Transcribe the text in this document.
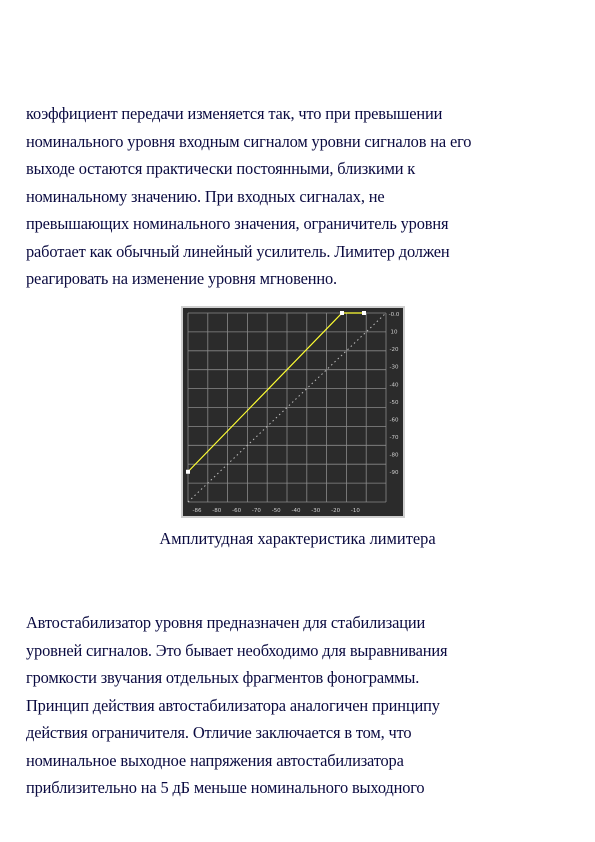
коэффициент передачи изменяется так, что при превышении
номинального уровня входным сигналом уровни сигналов на его
выходе остаются практически постоянными, близкими к
номинальному значению. При входных сигналах, не
превышающих номинального значения, ограничитель уровня
работает как обычный линейный усилитель. Лимитер должен
реагировать на изменение уровня мгновенно.
-86 -80 -60 -70 -50 -40 -30 -20 -10
-0.0
10
-20
-30
-40
-50
-60
-70
-80
-90

Амплитудная характеристика лимитера

Автостабилизатор уровня предназначен для стабилизации
уровней сигналов. Это бывает необходимо для выравнивания
громкости звучания отдельных фрагментов фонограммы.
Принцип действия автостабилизатора аналогичен принципу
действия ограничителя. Отличие заключается в том, что
номинальное выходное напряжения автостабилизатора
приблизительно на 5 дБ меньше номинального выходного
